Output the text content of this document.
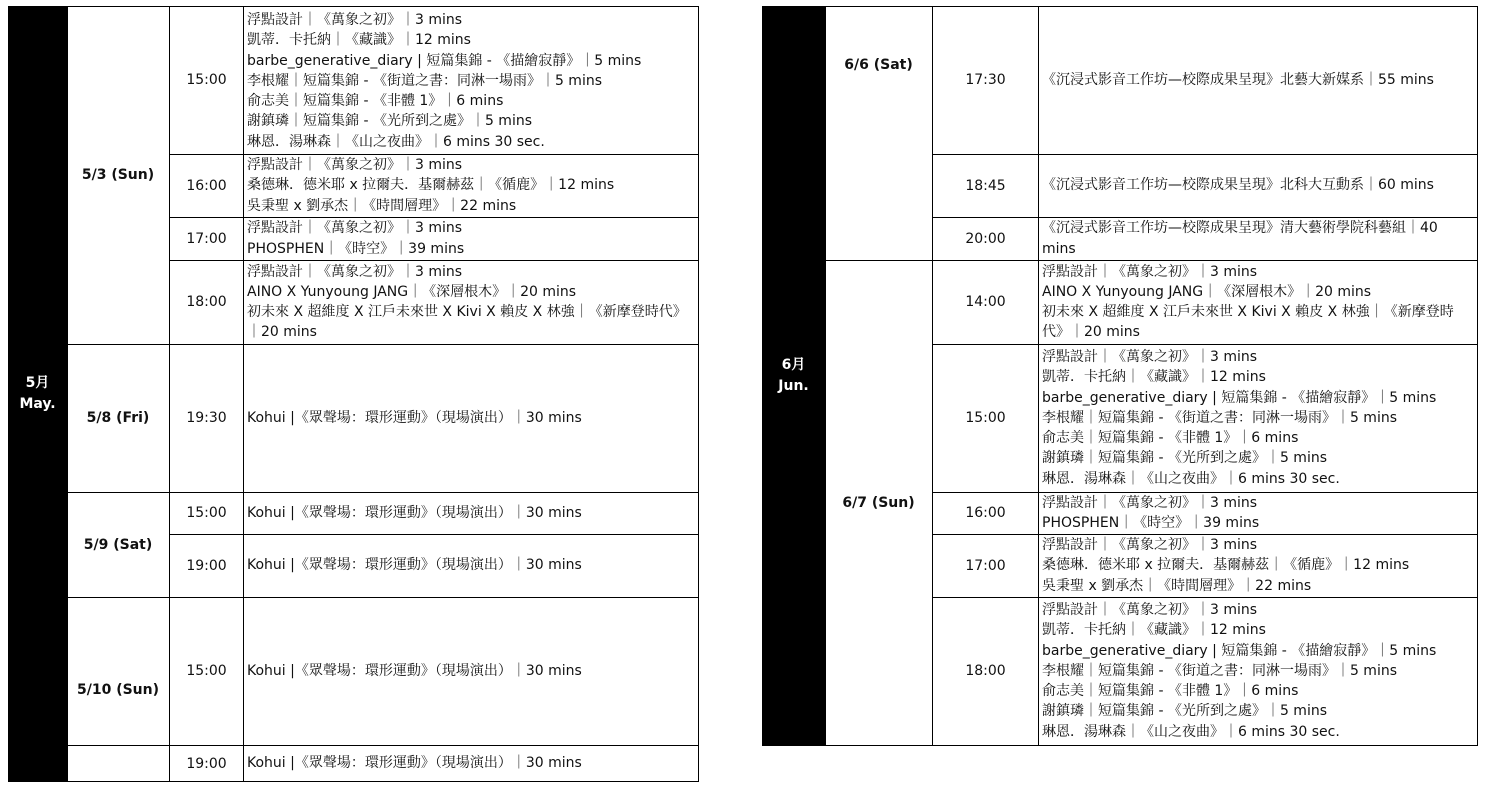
5月
May.
5/3 (Sun)
5/8 (Fri)
5/9 (Sat)
5/10 (Sun)
15:00
16:00
17:00
18:00
19:30
15:00
19:00
15:00
19:00
浮點設計｜《萬象之初》｜3 mins
凱蒂．卡托納｜《藏識》｜12 mins
barbe_generative_diary | 短篇集錦 - 《描繪寂靜》｜5 mins
李根耀｜短篇集錦 - 《街道之書：同淋一場雨》｜5 mins
俞志美｜短篇集錦 - 《非體 1》｜6 mins
謝鎮璘｜短篇集錦 - 《光所到之處》｜5 mins
琳恩．湯琳森｜《山之夜曲》｜6 mins 30 sec.
浮點設計｜《萬象之初》｜3 mins
桑德琳．德米耶 x 拉爾夫．基爾赫茲｜《循鹿》｜12 mins
吳秉聖 x 劉承杰｜《時間層理》｜22 mins
浮點設計｜《萬象之初》｜3 mins
PHOSPHEN｜《時空》｜39 mins
浮點設計｜《萬象之初》｜3 mins
AINO X Yunyoung JANG｜《深層根木》｜20 mins
初未來 X 超維度 X 江戶未來世 X Kivi X 賴皮 X 林強｜《新摩登時代》｜20 mins
Kohui |《眾聲場：環形運動》（現場演出）｜30 mins
Kohui |《眾聲場：環形運動》（現場演出）｜30 mins
Kohui |《眾聲場：環形運動》（現場演出）｜30 mins
Kohui |《眾聲場：環形運動》（現場演出）｜30 mins
Kohui |《眾聲場：環形運動》（現場演出）｜30 mins
6月
Jun.
6/6 (Sat)
6/7 (Sun)
17:30
18:45
20:00
14:00
15:00
16:00
17:00
18:00
《沉浸式影音工作坊—校際成果呈現》北藝大新媒系｜55 mins
《沉浸式影音工作坊—校際成果呈現》北科大互動系｜60 mins
《沉浸式影音工作坊—校際成果呈現》清大藝術學院科藝組｜40 mins
浮點設計｜《萬象之初》｜3 mins
AINO X Yunyoung JANG｜《深層根木》｜20 mins
初未來 X 超維度 X 江戶未來世 X Kivi X 賴皮 X 林強｜《新摩登時代》｜20 mins
浮點設計｜《萬象之初》｜3 mins
凱蒂．卡托納｜《藏識》｜12 mins
barbe_generative_diary | 短篇集錦 - 《描繪寂靜》｜5 mins
李根耀｜短篇集錦 - 《街道之書：同淋一場雨》｜5 mins
俞志美｜短篇集錦 - 《非體 1》｜6 mins
謝鎮璘｜短篇集錦 - 《光所到之處》｜5 mins
琳恩．湯琳森｜《山之夜曲》｜6 mins 30 sec.
浮點設計｜《萬象之初》｜3 mins
PHOSPHEN｜《時空》｜39 mins
浮點設計｜《萬象之初》｜3 mins
桑德琳．德米耶 x 拉爾夫．基爾赫茲｜《循鹿》｜12 mins
吳秉聖 x 劉承杰｜《時間層理》｜22 mins
浮點設計｜《萬象之初》｜3 mins
凱蒂．卡托納｜《藏識》｜12 mins
barbe_generative_diary | 短篇集錦 - 《描繪寂靜》｜5 mins
李根耀｜短篇集錦 - 《街道之書：同淋一場雨》｜5 mins
俞志美｜短篇集錦 - 《非體 1》｜6 mins
謝鎮璘｜短篇集錦 - 《光所到之處》｜5 mins
琳恩．湯琳森｜《山之夜曲》｜6 mins 30 sec.
